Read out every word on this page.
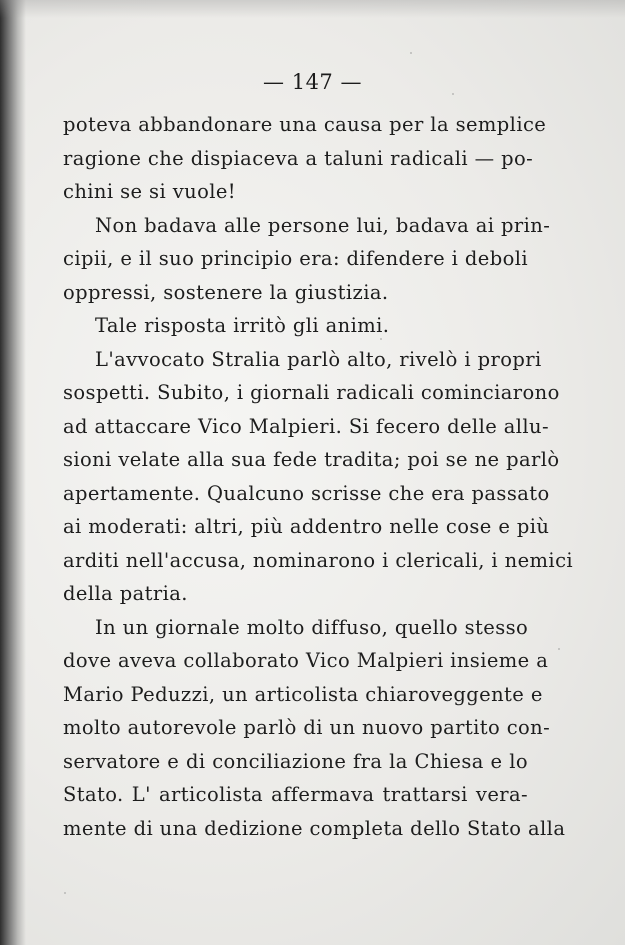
— 147 —
poteva abbandonare una causa per la semplice
ragione che dispiaceva a taluni radicali — po-
chini se si vuole!
Non badava alle persone lui, badava ai prin-
cipii, e il suo principio era: difendere i deboli
oppressi, sostenere la giustizia.
Tale risposta irritò gli animi.
L'avvocato Stralia parlò alto, rivelò i propri
sospetti. Subito, i giornali radicali cominciarono
ad attaccare Vico Malpieri. Si fecero delle allu-
sioni velate alla sua fede tradita; poi se ne parlò
apertamente. Qualcuno scrisse che era passato
ai moderati: altri, più addentro nelle cose e più
arditi nell'accusa, nominarono i clericali, i nemici
della patria.
In un giornale molto diffuso, quello stesso
dove aveva collaborato Vico Malpieri insieme a
Mario Peduzzi, un articolista chiaroveggente e
molto autorevole parlò di un nuovo partito con-
servatore e di conciliazione fra la Chiesa e lo
Stato. L' articolista affermava trattarsi vera-
mente di una dedizione completa dello Stato alla
